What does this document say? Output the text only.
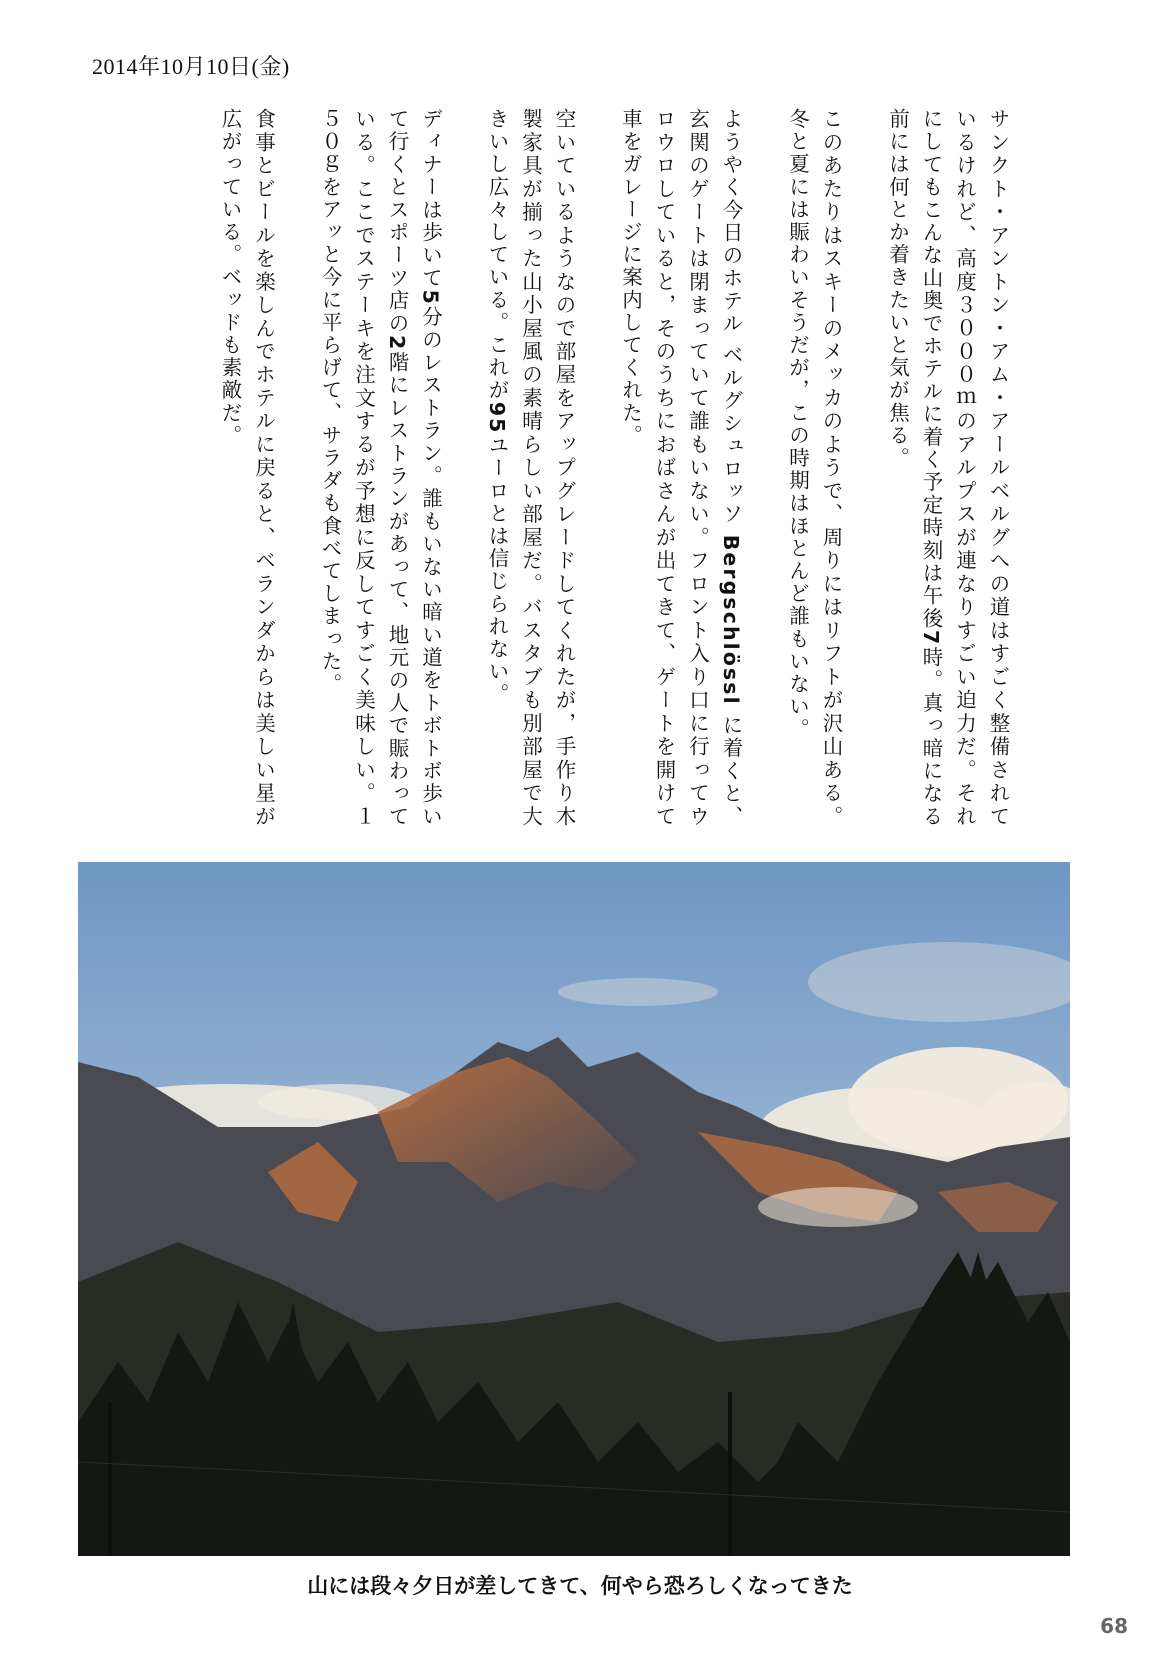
2014年10月10日(金)

サンクト・アントン・アム・アールベルグへの道はすごく整備されているけれど、高度３０００ｍのアルプスが連なりすごい迫力だ。それにしてもこんな山奥でホテルに着く予定時刻は午後7時。真っ暗になる前には何とか着きたいと気が焦る。

このあたりはスキーのメッカのようで、周りにはリフトが沢山ある。冬と夏には賑わいそうだが，この時期はほとんど誰もいない。

ようやく今日のホテル ベルグシュロッソ Bergschlössl に着くと、玄関のゲートは閉まっていて誰もいない。フロント入り口に行ってウロウロしていると，そのうちにおばさんが出てきて、ゲートを開けて車をガレージに案内してくれた。

空いているようなので部屋をアップグレードしてくれたが，手作り木製家具が揃った山小屋風の素晴らしい部屋だ。バスタブも別部屋で大きいし広々している。これが95ユーロとは信じられない。

ディナーは歩いて5分のレストラン。誰もいない暗い道をトボトボ歩いて行くとスポーツ店の2階にレストランがあって、地元の人で賑わっている。ここでステーキを注文するが予想に反してすごく美味しい。１５０ｇをアッと今に平らげて、サラダも食べてしまった。

食事とビールを楽しんでホテルに戻ると、ベランダからは美しい星が広がっている。ベッドも素敵だ。

山には段々夕日が差してきて、何やら恐ろしくなってきた
68
